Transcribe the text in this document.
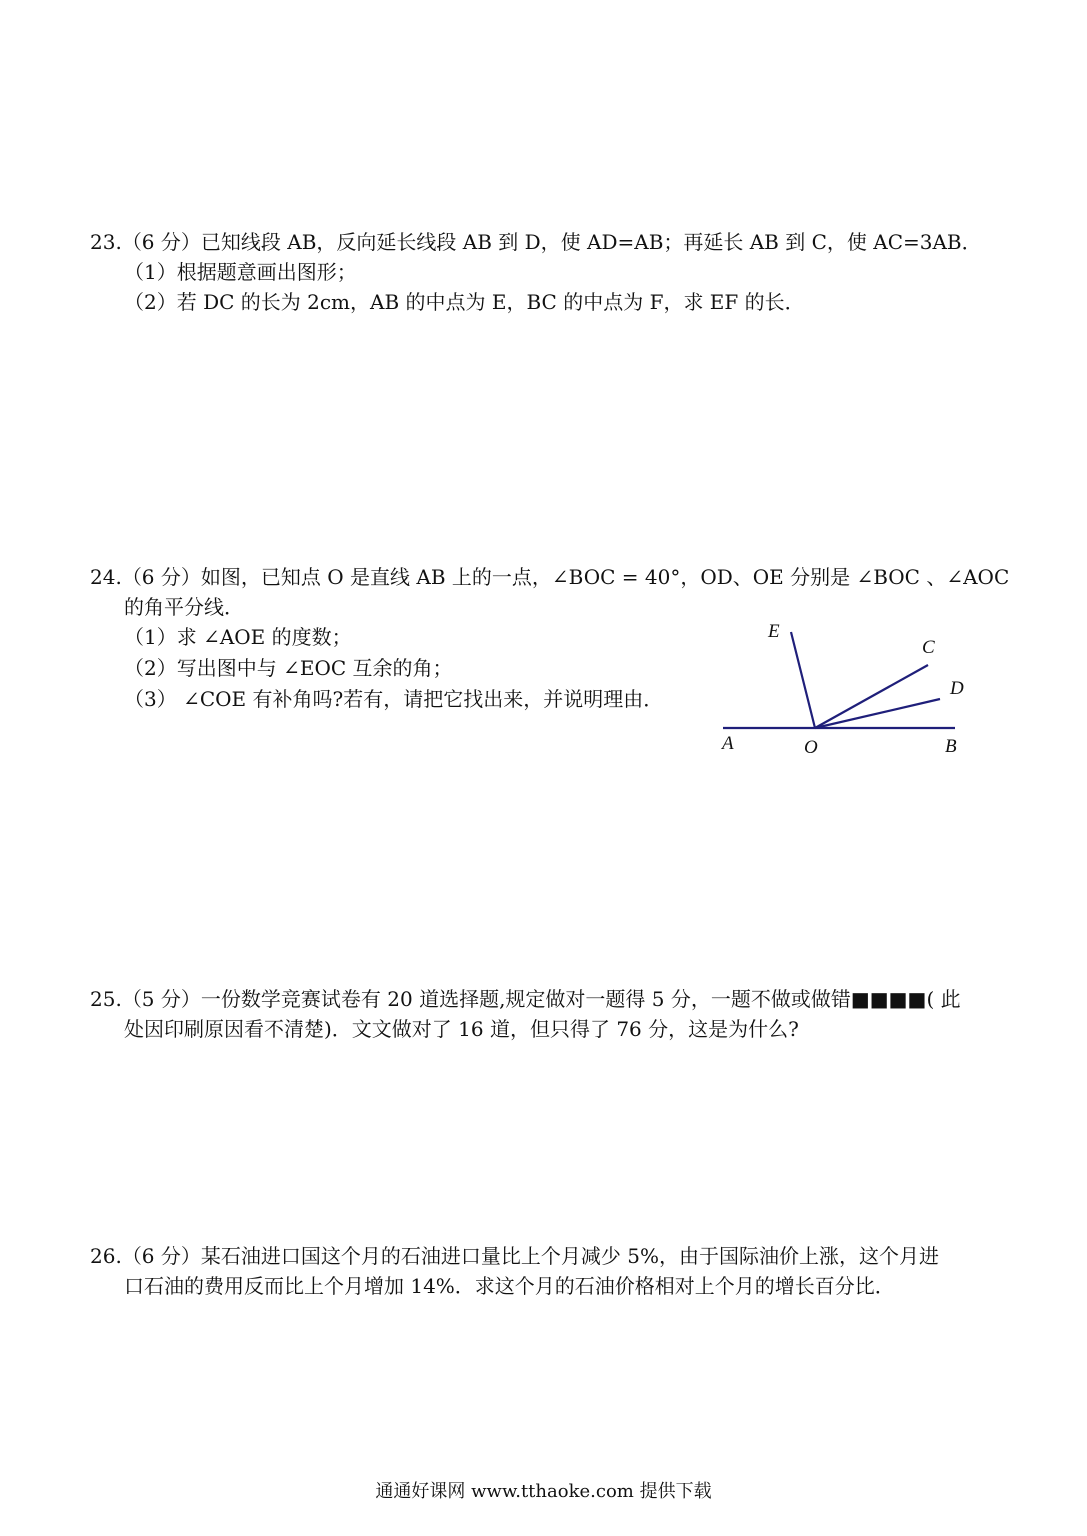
23.（6 分）已知线段 AB，反向延长线段 AB 到 D，使 AD=AB；再延长 AB 到 C，使 AC=3AB．
（1）根据题意画出图形；
（2）若 DC 的长为 2cm，AB 的中点为 E，BC 的中点为 F，求 EF 的长．
24.（6 分）如图，已知点 O 是直线 AB 上的一点，∠BOC = 40°，OD、OE 分别是 ∠BOC 、∠AOC
的角平分线．
（1）求 ∠AOE 的度数；
（2）写出图中与 ∠EOC 互余的角；
（3） ∠COE 有补角吗?若有，请把它找出来，并说明理由．
E
C
D
A	O	B
25.（5 分）一份数学竞赛试卷有 20 道选择题,规定做对一题得 5 分，一题不做或做错■■■■( 此
处因印刷原因看不清楚)．文文做对了 16 道，但只得了 76 分，这是为什么?
26.（6 分）某石油进口国这个月的石油进口量比上个月减少 5%，由于国际油价上涨，这个月进
口石油的费用反而比上个月增加 14%．求这个月的石油价格相对上个月的增长百分比．
通通好课网 www.tthaoke.com 提供下载
